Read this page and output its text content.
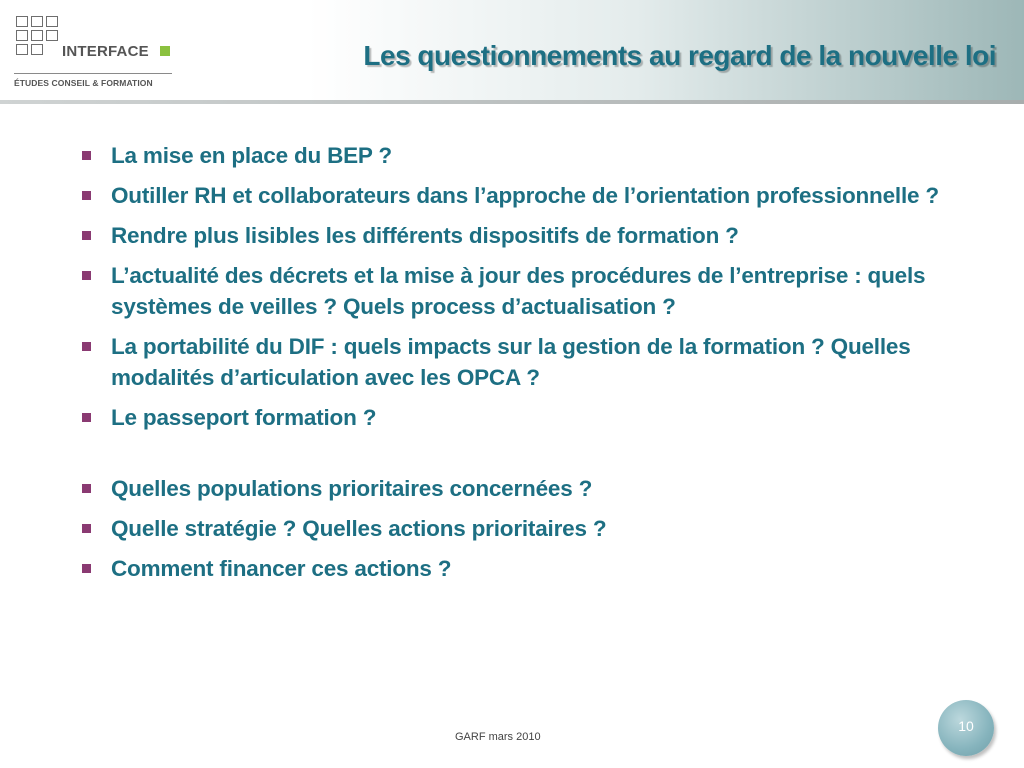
INTERFACE
ÉTUDES CONSEIL & FORMATION
Les questionnements au regard de la nouvelle loi
La mise en place du BEP ?
Outiller RH et collaborateurs dans l’approche de l’orientation professionnelle ?
Rendre plus lisibles les différents dispositifs de formation ?
L’actualité des décrets et la mise à jour des procédures de l’entreprise : quels systèmes de veilles ? Quels process d’actualisation ?
La portabilité du DIF : quels impacts sur la gestion de la formation ? Quelles modalités d’articulation avec les OPCA ?
Le passeport formation ?
Quelles populations prioritaires concernées ?
Quelle stratégie ? Quelles actions prioritaires ?
Comment financer ces actions ?
GARF mars 2010
10
